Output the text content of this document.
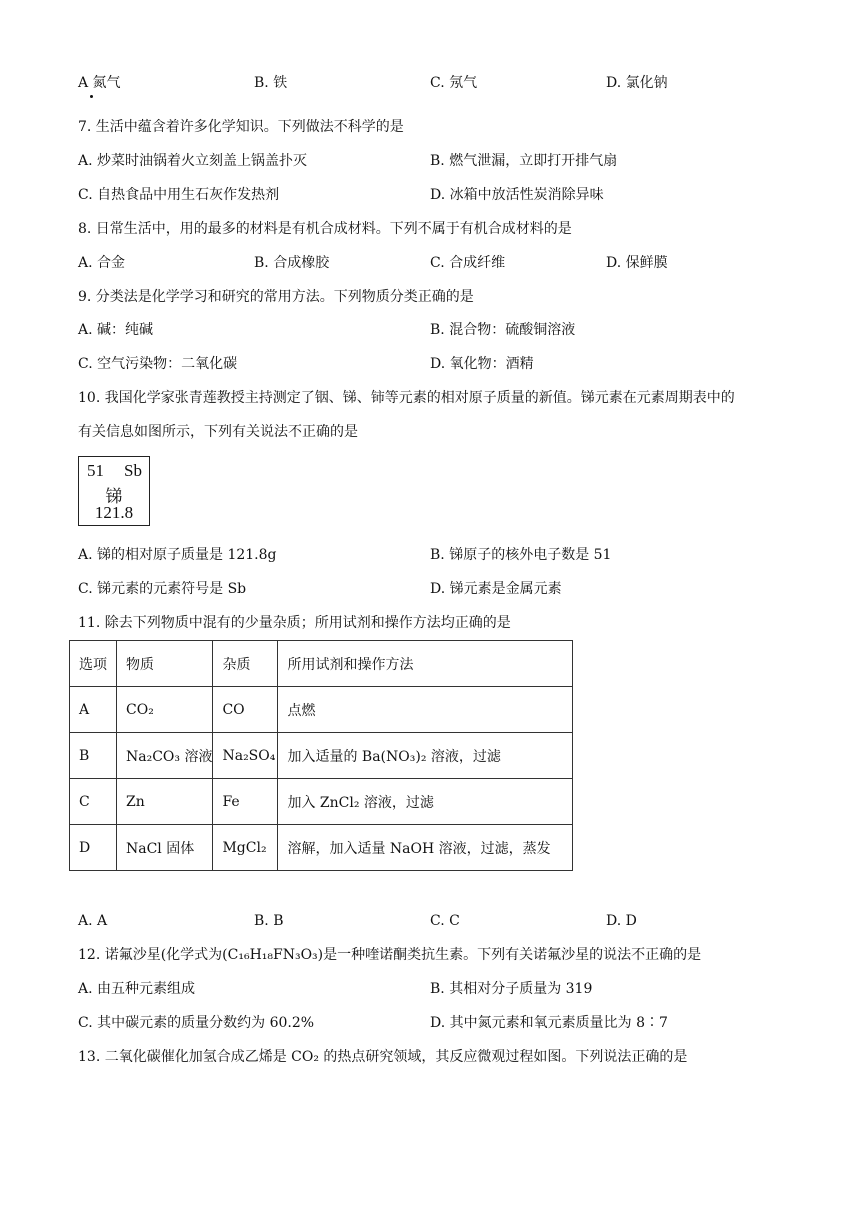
A 氮气	B. 铁	C. 氖气	D. 氯化钠
7. 生活中蕴含着许多化学知识。下列做法不科学的是
A. 炒菜时油锅着火立刻盖上锅盖扑灭	B. 燃气泄漏，立即打开排气扇
C. 自热食品中用生石灰作发热剂	D. 冰箱中放活性炭消除异味
8. 日常生活中，用的最多的材料是有机合成材料。下列不属于有机合成材料的是
A. 合金	B. 合成橡胶	C. 合成纤维	D. 保鲜膜
9. 分类法是化学学习和研究的常用方法。下列物质分类正确的是
A. 碱：纯碱	B. 混合物：硫酸铜溶液
C. 空气污染物：二氧化碳	D. 氧化物：酒精
10. 我国化学家张青莲教授主持测定了铟、锑、铈等元素的相对原子质量的新值。锑元素在元素周期表中的
有关信息如图所示，下列有关说法不正确的是
51 Sb
锑
121.8
A. 锑的相对原子质量是 121.8g	B. 锑原子的核外电子数是 51
C. 锑元素的元素符号是 Sb	D. 锑元素是金属元素
11. 除去下列物质中混有的少量杂质；所用试剂和操作方法均正确的是
选项	物质	杂质	所用试剂和操作方法
A	CO₂	CO	点燃
B	Na₂CO₃ 溶液	Na₂SO₄	加入适量的 Ba(NO₃)₂ 溶液，过滤
C	Zn	Fe	加入 ZnCl₂ 溶液，过滤
D	NaCl 固体	MgCl₂	溶解，加入适量 NaOH 溶液，过滤，蒸发
A. A	B. B	C. C	D. D
12. 诺氟沙星(化学式为(C₁₆H₁₈FN₃O₃)是一种喹诺酮类抗生素。下列有关诺氟沙星的说法不正确的是
A. 由五种元素组成	B. 其相对分子质量为 319
C. 其中碳元素的质量分数约为 60.2%	D. 其中氮元素和氧元素质量比为 8∶7
13. 二氧化碳催化加氢合成乙烯是 CO₂ 的热点研究领域，其反应微观过程如图。下列说法正确的是
